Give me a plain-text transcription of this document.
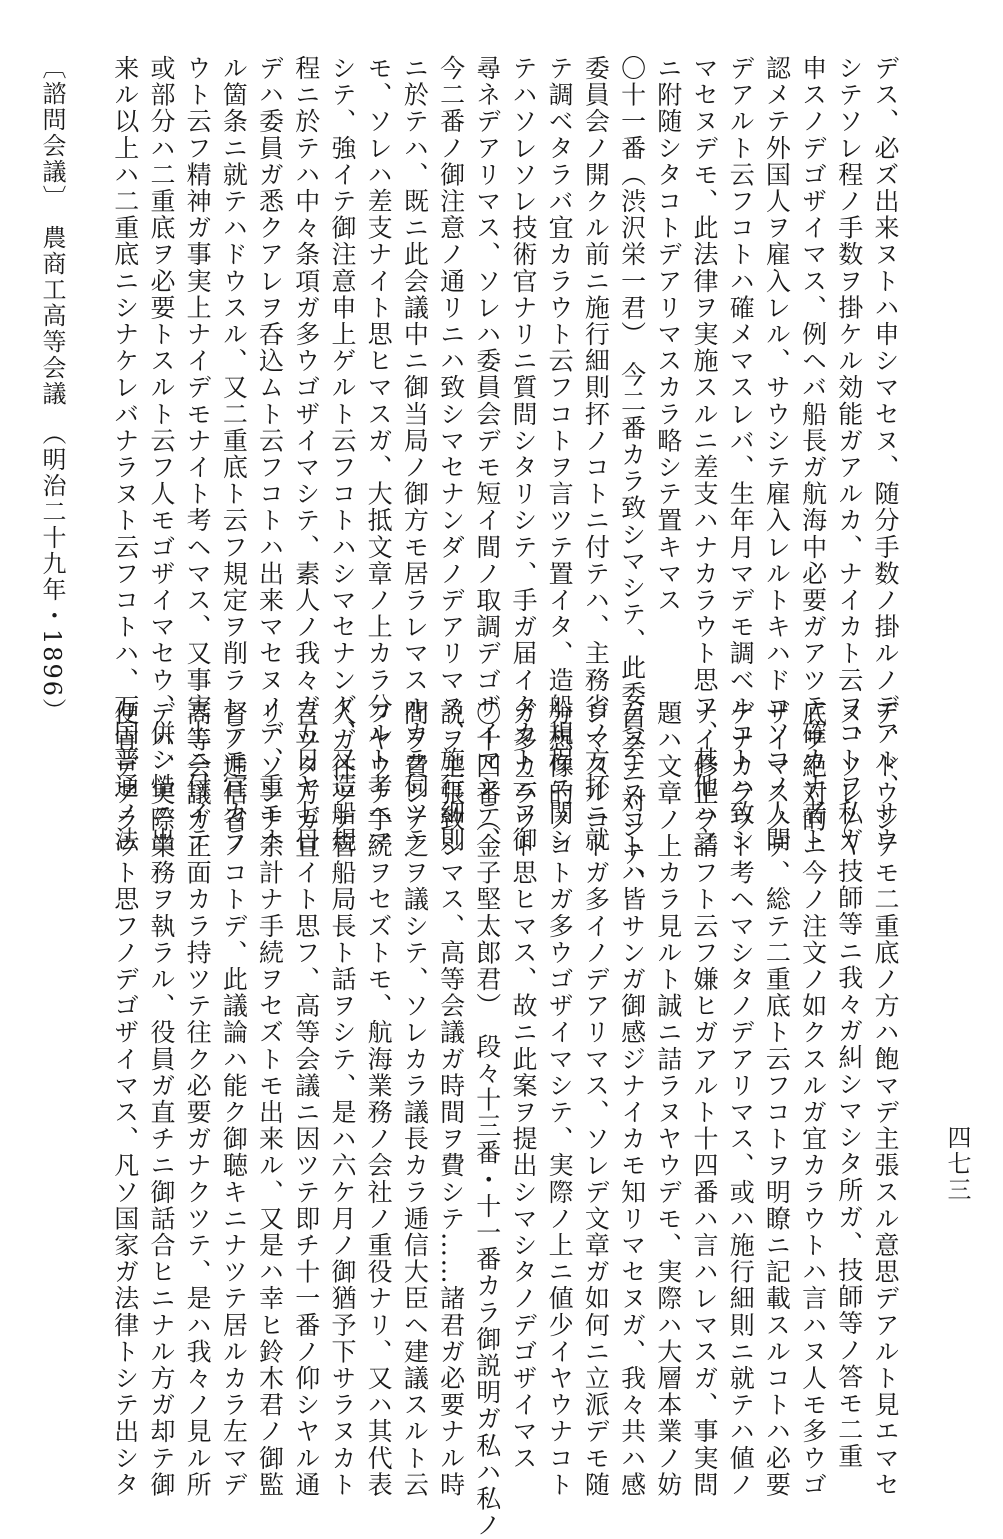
〔諮問会議〕　農商工高等会議　（明治二十九年・1896）	デス、必ズ出来ヌトハ申シマセヌ、随分手数ノ掛ルノデアル、サウ

シテソレ程ノ手数ヲ掛ケル効能ガアルカ、ナイカト云フコトヲ私ガ

申スノデゴザイマス、例ヘバ船長ガ航海中必要ガアツテ確カナ者ト

認メテ外国人ヲ雇入レル、サウシテ雇入レルトキハドコソコノ人間

デアルト云フコトハ確メマスレバ、生年月マデモ調ベルコトハ致シ

マセヌデモ、此法律ヲ実施スルニ差支ハナカラウト思フ、其他ハ之

ニ附随シタコトデアリマスカラ略シテ置キマス

〇十一番（渋沢栄一君）　今二番カラ致シマシテ、此委員会ニ対シテ、

委員会ノ開クル前ニ施行細則抔ノコトニ付テハ、主務省ノ方抔ニ就

テ調ベタラバ宜カラウト云フコトヲ言ツテ置イタ、造船規程ニ関シ

テハソレソレ技術官ナリニ質問シタリシテ、手ガ届イタカト云フ御

尋ネデアリマス、ソレハ委員会デモ短イ間ノ取調デゴザイマシテ、

今二番ノ御注意ノ通リニハ致シマセナンダノデアリマス、施行細則

ニ於テハ、既ニ此会議中ニ御当局ノ御方モ居ラレマスルカラ伺ツテ

モ、ソレハ差支ナイト思ヒマスガ、大抵文章ノ上カラ分ルト考ヘマ

シテ、強イテ御注意申上ゲルト云フコトハシマセナンダ、又造船規

程ニ於テハ中々条項ガ多ウゴザイマシテ、素人ノ我々ガ五日ヤ七日

デハ委員ガ悉クアレヲ呑込ムト云フコトハ出来マセヌノデ、重モナ

ル箇条ニ就テハドウスル、又二重底ト云フ規定ヲ削ラレテモ宜カラ

ウト云フ精神ガ事実上ナイデモナイト考ヘマス、又事実上ニ付イテ

或部分ハ二重底ヲ必要トスルト云フ人モゴザイマセウ、併シ慥ニ出

来ル以上ハ二重底ニシナケレバナラヌト云フコトハ、万国普通ノ法

デ、ドウシテモ二重底ノ方ハ飽マデ主張スル意思デアルト見エマセ

ヌ、ソレ〳〵技師等ニ我々ガ糾シマシタ所ガ、技師等ノ答モ二重

底ヲ絶対的ニ今ノ注文ノ如クスルガ宜カラウトハ言ハヌ人モ多ウゴ

ザイマスノデ、総テ二重底ト云フコトヲ明瞭ニ記載スルコトハ必要

デナカラウト考ヘマシタノデアリマス、或ハ施行細則ニ就テハ値ノ

ナイ修正ヲ請フト云フ嫌ヒガアルト十四番ハ言ハレマスガ、事実問

題ハ文章ノ上カラ見ルト誠ニ詰ラヌヤウデモ、実際ハ大層本業ノ妨

ゲヲナスコトハ皆サンガ御感ジナイカモ知リマセヌガ、我々共ハ感

ジマスルコトガ多イノデアリマス、ソレデ文章ガ如何ニ立派デモ随

分想像的ノコトガ多ウゴザイマシテ、実際ノ上ニ値少イヤウナコト

ガ多カラウト思ヒマス、故ニ此案ヲ提出シマシタノデゴザイマス

〇十四番（金子堅太郎君）　段々十三番・十一番カラ御説明ガ私ハ私ノ

説ヲ主張致シマス、高等会議ガ時間ヲ費シテ……諸君ガ必要ナル時

間ヲ費シテ之ヲ議シテ、ソレカラ議長カラ逓信大臣ヘ建議スルト云

フヤウナ手続ヲセズトモ、航海業務ノ会社ノ重役ナリ、又ハ其代表

人ガ往ツテ管船局長ト話ヲシテ、是ハ六ケ月ノ御猶予下サラヌカト

言ツタ方ガ宜イト思フ、高等会議ニ因ツテ即チ十一番ノ仰シヤル通

リ、ソンナ余計ナ手続ヲセズトモ出来ル、又是ハ幸ヒ鈴木君ノ御監

督ノ逓信省ノコトデ、此議論ハ能ク御聴キニナツテ居ルカラ左マデ

高等会議ガ正面カラ持ツテ往ク必要ガナクツテ、是ハ我々ノ見ル所

デハ、実際業務ヲ執ラル、役員ガ直チニ御話合ヒニナル方ガ却テ御

便宜デアラウト思フノデゴザイマス、凡ソ国家ガ法律トシテ出シタ	四七三
